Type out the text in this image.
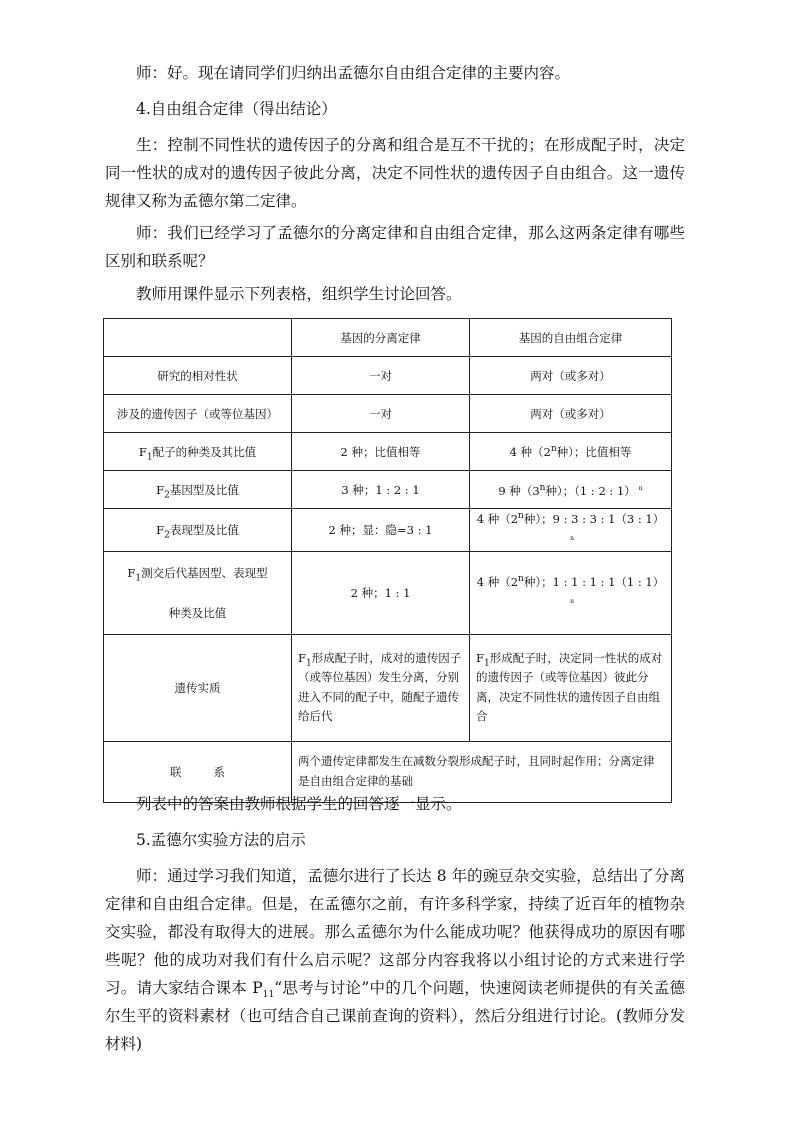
师：好。现在请同学们归纳出孟德尔自由组合定律的主要内容。

4.自由组合定律（得出结论）

生：控制不同性状的遗传因子的分离和组合是互不干扰的；在形成配子时，决定同一性状的成对的遗传因子彼此分离，决定不同性状的遗传因子自由组合。这一遗传规律又称为孟德尔第二定律。

师：我们已经学习了孟德尔的分离定律和自由组合定律，那么这两条定律有哪些区别和联系呢？

教师用课件显示下列表格，组织学生讨论回答。

	基因的分离定律	基因的自由组合定律
研究的相对性状	一对	两对（或多对）
涉及的遗传因子（或等位基因）	一对	两对（或多对）
$F_1$配子的种类及其比值	2 种；比值相等	4 种（2$^n$种）；比值相等
$F_2$基因型及比值	3 种；1 : 2 : 1	9 种（3$^n$种）；（1 : 2 : 1） $^n$
$F_2$表现型及比值	2 种；显：隐=3 : 1	4 种（2$^n$种）；9 : 3 : 3 : 1（3 : 1）$^n$
$F_1$测交后代基因型、表现型
种类及比值	2 种；1 : 1	4 种（2$^n$种）；1 : 1 : 1 : 1（1 : 1）$^n$
遗传实质	$F_1$形成配子时，成对的遗传因子（或等位基因）发生分离，分别进入不同的配子中，随配子遗传给后代	$F_1$形成配子时，决定同一性状的成对的遗传因子（或等位基因）彼此分离，决定不同性状的遗传因子自由组合
联 系	两个遗传定律都发生在减数分裂形成配子时，且同时起作用；分离定律是自由组合定律的基础	

列表中的答案由教师根据学生的回答逐一显示。

5.孟德尔实验方法的启示

师：通过学习我们知道，孟德尔进行了长达 8 年的豌豆杂交实验，总结出了分离定律和自由组合定律。但是，在孟德尔之前，有许多科学家，持续了近百年的植物杂交实验，都没有取得大的进展。那么孟德尔为什么能成功呢？他获得成功的原因有哪些呢？他的成功对我们有什么启示呢？这部分内容我将以小组讨论的方式来进行学习。请大家结合课本 $P_{11}“$思考与讨论”中的几个问题，快速阅读老师提供的有关孟德尔生平的资料素材（也可结合自己课前查询的资料），然后分组进行讨论。(教师分发材料)
